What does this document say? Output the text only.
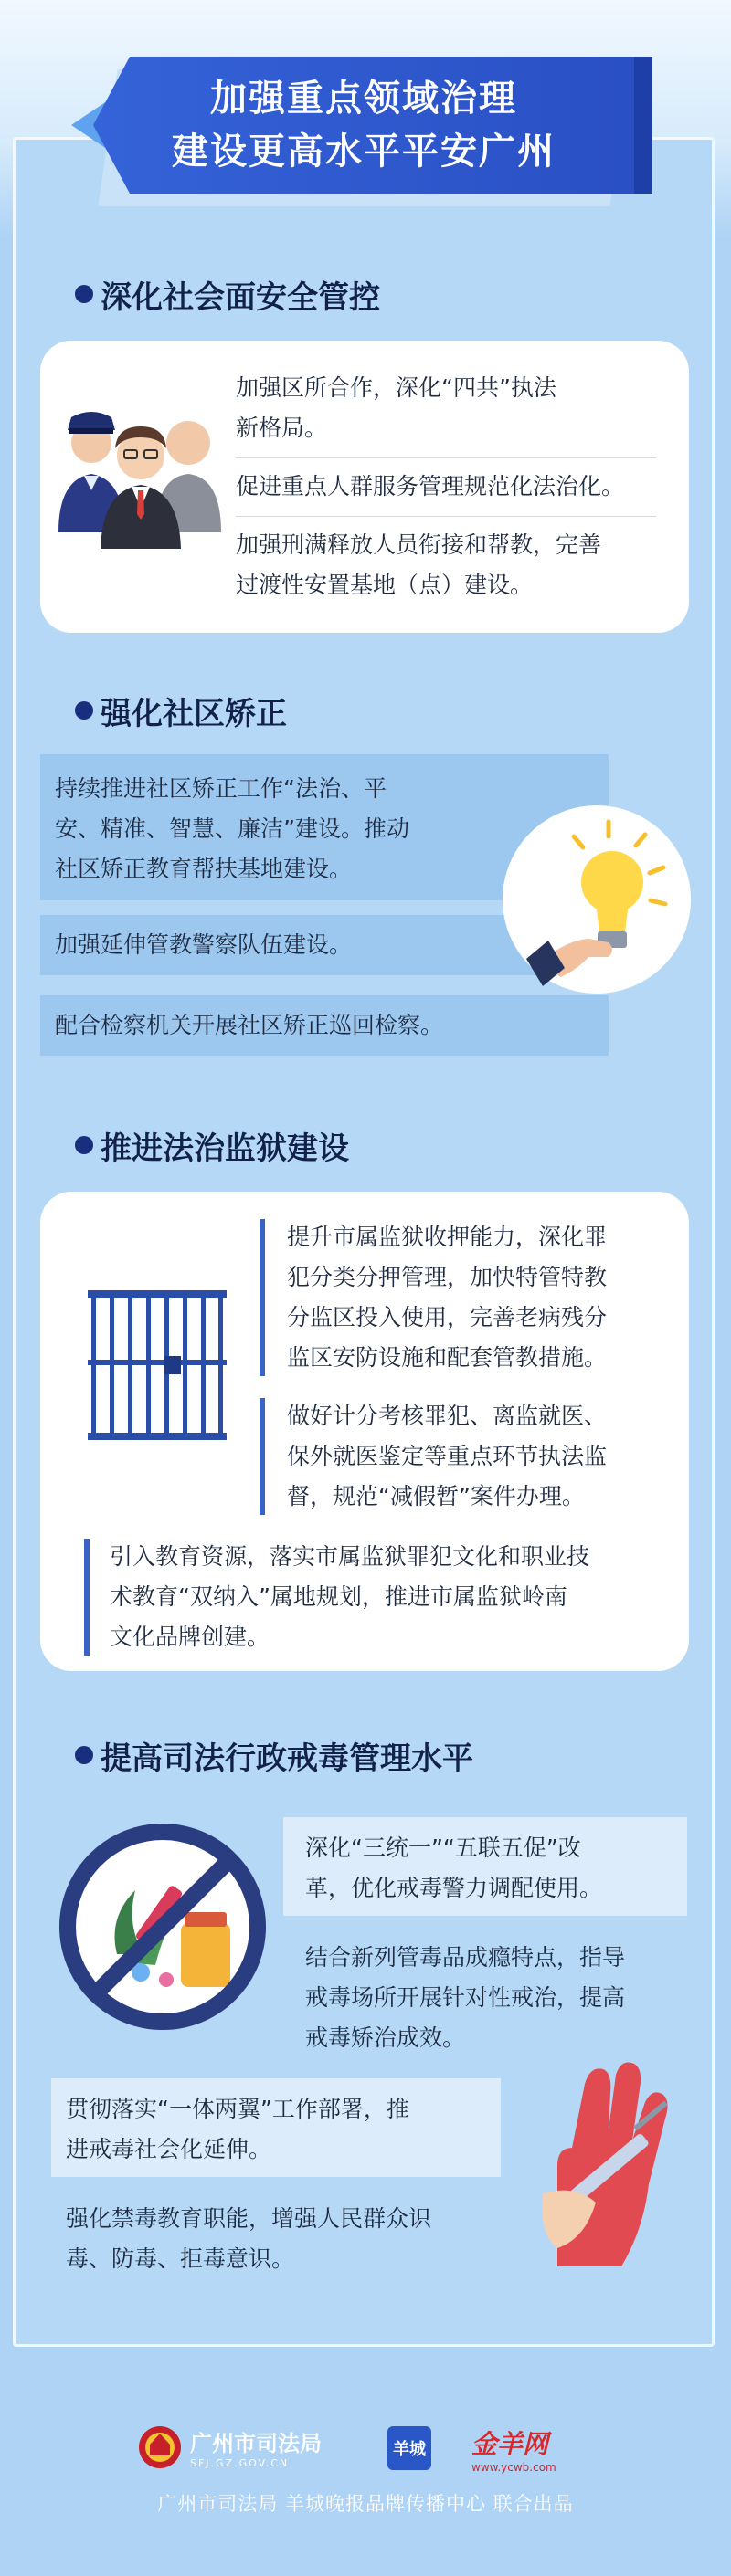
加强重点领域治理
建设更高水平平安广州
深化社会面安全管控
加强区所合作，深化“四共”执法
新格局。
促进重点人群服务管理规范化法治化。
加强刑满释放人员衔接和帮教，完善
过渡性安置基地（点）建设。
强化社区矫正
持续推进社区矫正工作“法治、平
安、精准、智慧、廉洁”建设。推动
社区矫正教育帮扶基地建设。
加强延伸管教警察队伍建设。
配合检察机关开展社区矫正巡回检察。
推进法治监狱建设
提升市属监狱收押能力，深化罪
犯分类分押管理，加快特管特教
分监区投入使用，完善老病残分
监区安防设施和配套管教措施。
做好计分考核罪犯、离监就医、
保外就医鉴定等重点环节执法监
督，规范“减假暂”案件办理。
引入教育资源，落实市属监狱罪犯文化和职业技
术教育“双纳入”属地规划，推进市属监狱岭南
文化品牌创建。
提高司法行政戒毒管理水平
深化“三统一”“五联五促”改
革，优化戒毒警力调配使用。
结合新列管毒品成瘾特点，指导
戒毒场所开展针对性戒治，提高
戒毒矫治成效。
贯彻落实“一体两翼”工作部署，推
进戒毒社会化延伸。
强化禁毒教育职能，增强人民群众识
毒、防毒、拒毒意识。
广州市司法局
SFJ.GZ.GOV.CN
羊城 金羊网
www.ycwb.com
广州市司法局 羊城晚报品牌传播中心 联合出品
